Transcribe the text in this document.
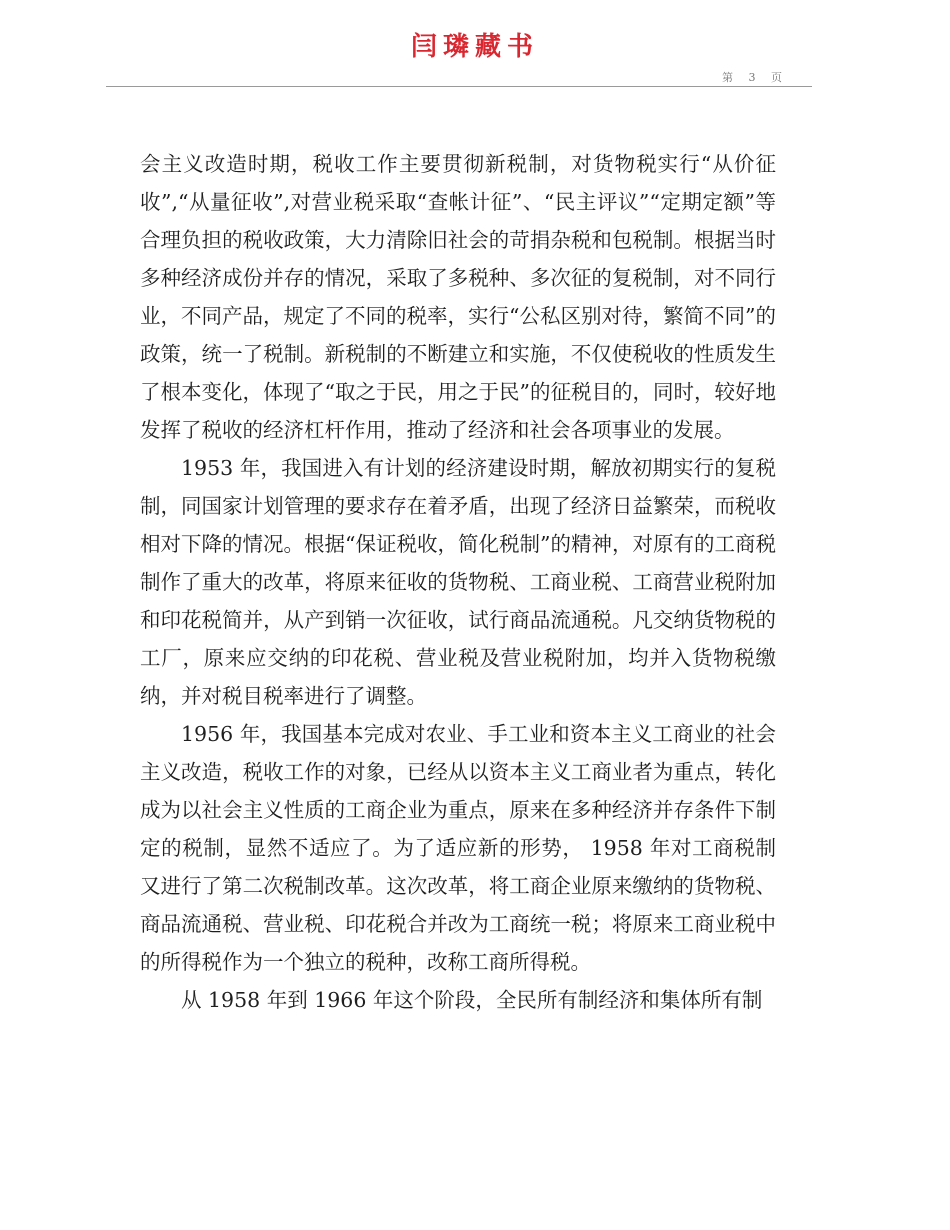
闫璘藏书
第 3 页

会主义改造时期，税收工作主要贯彻新税制，对货物税实行“从价征收”,“从量征收”,对营业税采取“查帐计征”、“民主评议”“定期定额”等合理负担的税收政策，大力清除旧社会的苛捐杂税和包税制。根据当时多种经济成份并存的情况，采取了多税种、多次征的复税制，对不同行业，不同产品，规定了不同的税率，实行“公私区别对待，繁简不同”的政策，统一了税制。新税制的不断建立和实施，不仅使税收的性质发生了根本变化，体现了“取之于民，用之于民”的征税目的，同时，较好地发挥了税收的经济杠杆作用，推动了经济和社会各项事业的发展。

1953 年，我国进入有计划的经济建设时期，解放初期实行的复税制，同国家计划管理的要求存在着矛盾，出现了经济日益繁荣，而税收相对下降的情况。根据“保证税收，简化税制”的精神，对原有的工商税制作了重大的改革，将原来征收的货物税、工商业税、工商营业税附加和印花税简并，从产到销一次征收，试行商品流通税。凡交纳货物税的工厂，原来应交纳的印花税、营业税及营业税附加，均并入货物税缴纳，并对税目税率进行了调整。

1956 年，我国基本完成对农业、手工业和资本主义工商业的社会主义改造，税收工作的对象，已经从以资本主义工商业者为重点，转化成为以社会主义性质的工商企业为重点，原来在多种经济并存条件下制定的税制，显然不适应了。为了适应新的形势， 1958 年对工商税制又进行了第二次税制改革。这次改革，将工商企业原来缴纳的货物税、商品流通税、营业税、印花税合并改为工商统一税；将原来工商业税中的所得税作为一个独立的税种，改称工商所得税。

从 1958 年到 1966 年这个阶段，全民所有制经济和集体所有制
